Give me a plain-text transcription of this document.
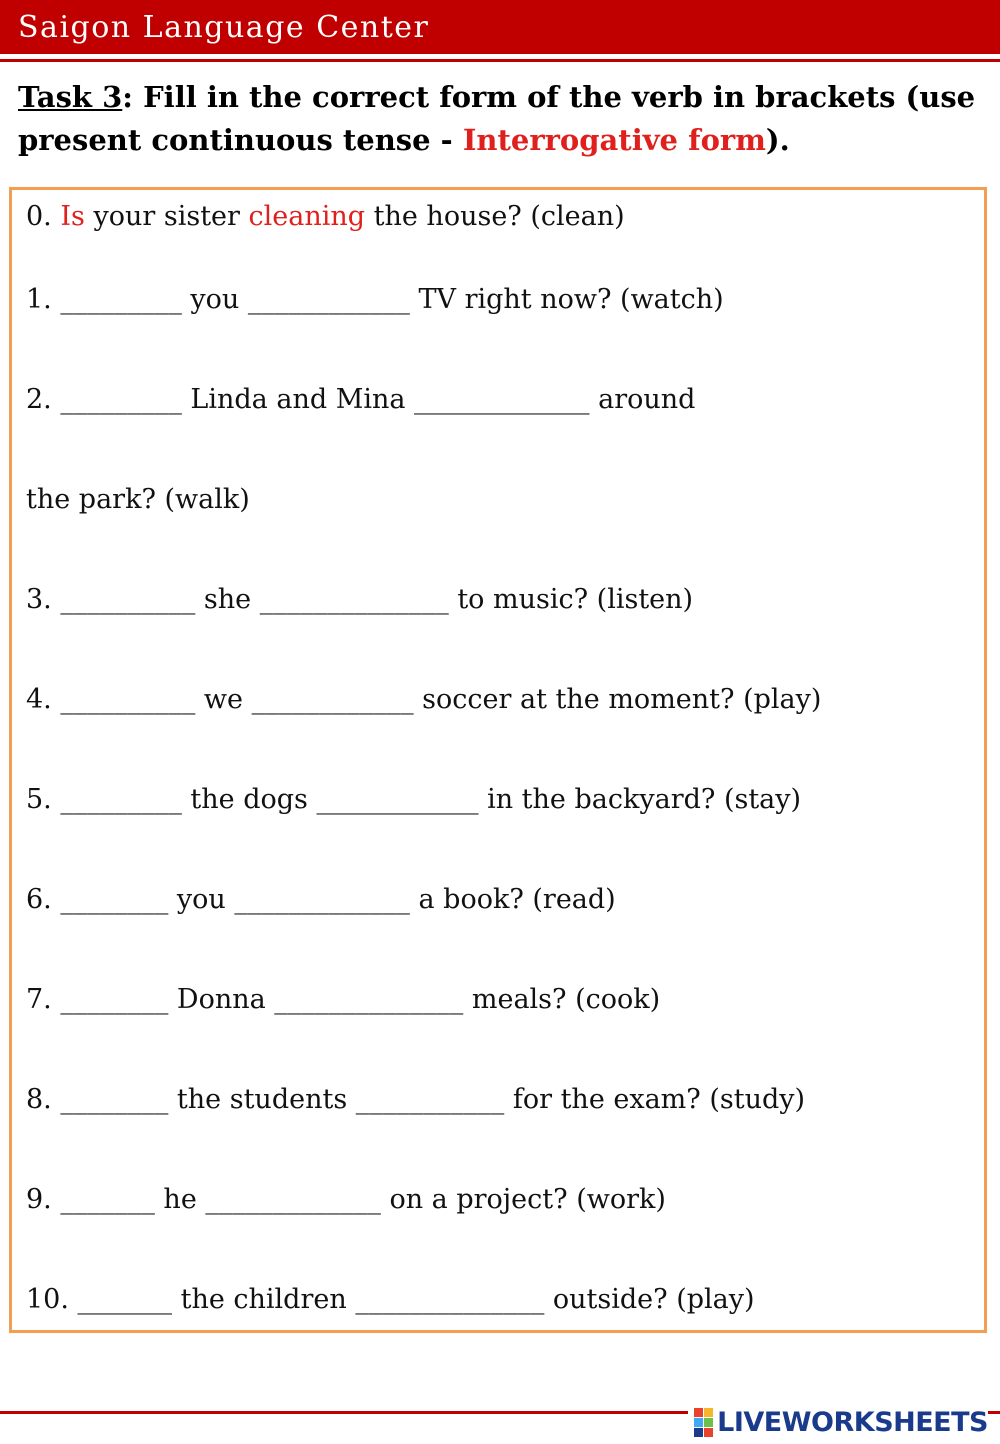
Saigon Language Center
Task 3: Fill in the correct form of the verb in brackets (use present continuous tense - Interrogative form).
0. Is your sister cleaning the house? (clean)
1. _________ you ____________ TV right now? (watch)
2. _________ Linda and Mina _____________ around
the park? (walk)
3. __________ she ______________ to music? (listen)
4. __________ we ____________ soccer at the moment? (play)
5. _________ the dogs ____________ in the backyard? (stay)
6. ________ you _____________ a book? (read)
7. ________ Donna ______________ meals? (cook)
8. ________ the students ___________ for the exam? (study)
9. _______ he _____________ on a project? (work)
10. _______ the children ______________ outside? (play)
LIVEWORKSHEETS
